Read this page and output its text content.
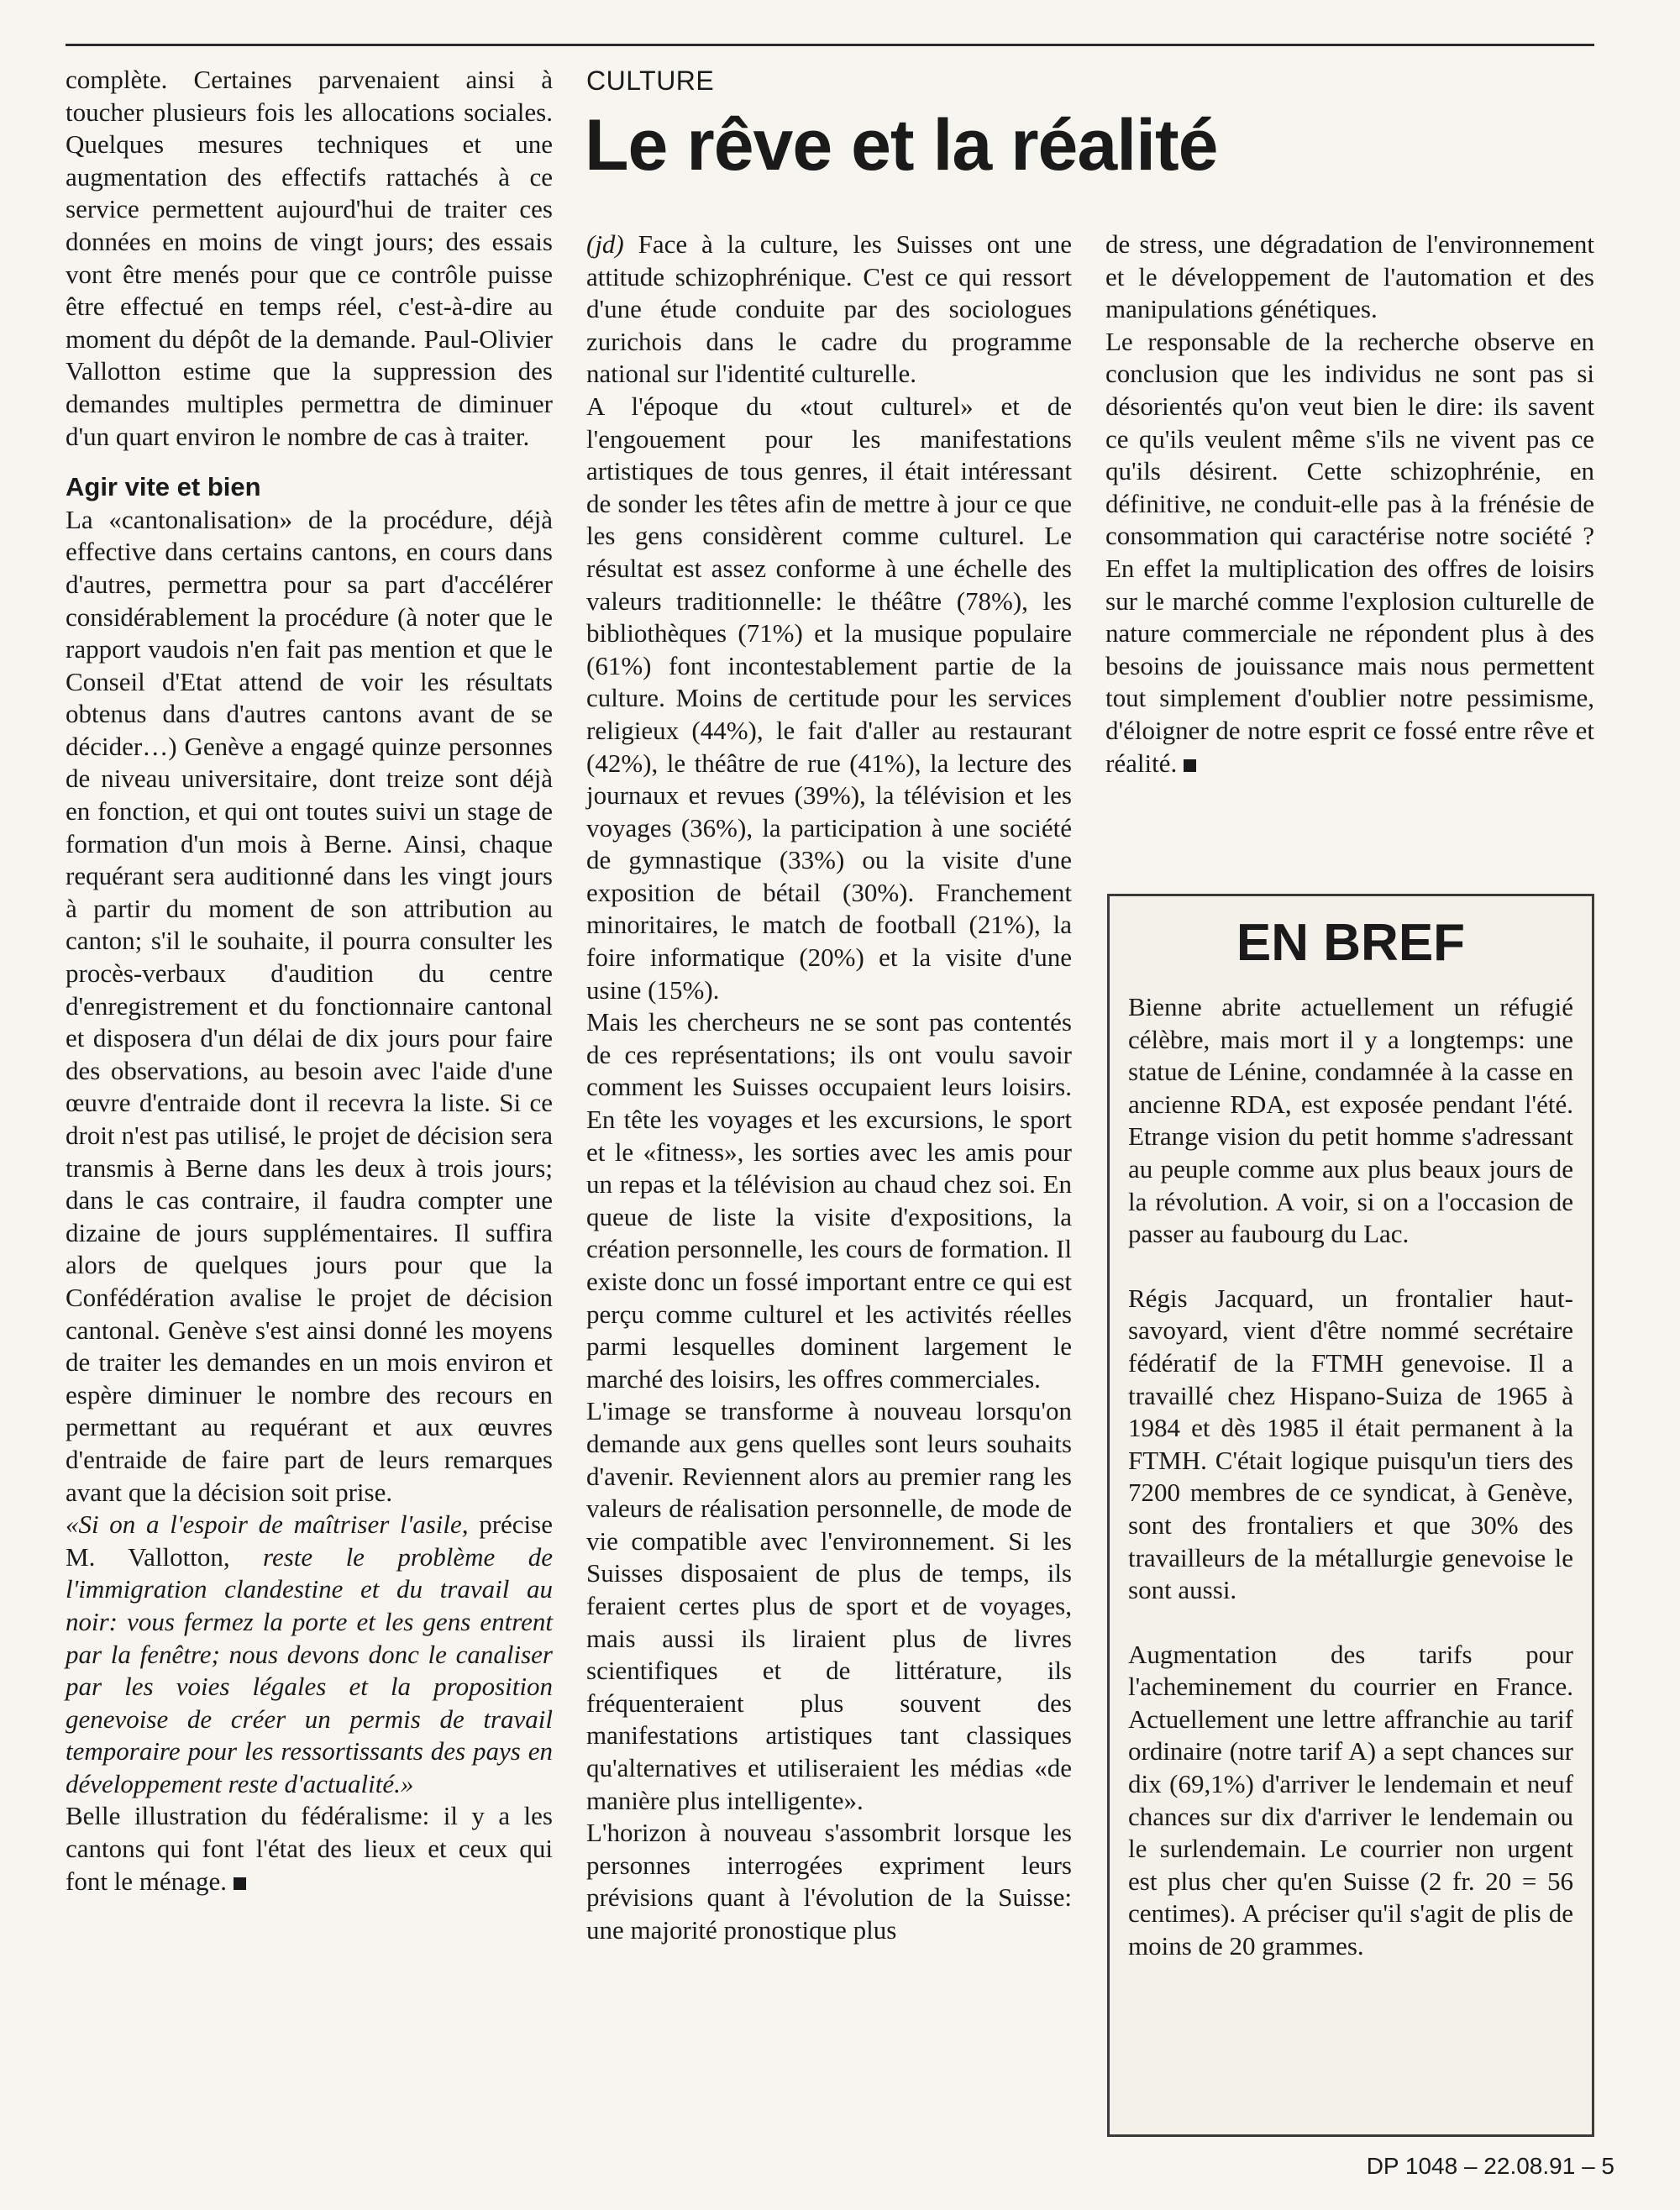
complète. Certaines parvenaient ainsi à toucher plusieurs fois les allocations sociales. Quelques mesures techniques et une augmentation des effectifs rattachés à ce service permettent aujourd'hui de traiter ces données en moins de vingt jours; des essais vont être menés pour que ce contrôle puisse être effectué en temps réel, c'est-à-dire au moment du dépôt de la demande. Paul-Olivier Vallotton estime que la suppression des demandes multiples permettra de diminuer d'un quart environ le nombre de cas à traiter.

Agir vite et bien

La «cantonalisation» de la procédure, déjà effective dans certains cantons, en cours dans d'autres, permettra pour sa part d'accélérer considérablement la procédure (à noter que le rapport vaudois n'en fait pas mention et que le Conseil d'Etat attend de voir les résultats obtenus dans d'autres cantons avant de se décider…) Genève a engagé quinze personnes de niveau universitaire, dont treize sont déjà en fonction, et qui ont toutes suivi un stage de formation d'un mois à Berne. Ainsi, chaque requérant sera auditionné dans les vingt jours à partir du moment de son attribution au canton; s'il le souhaite, il pourra consulter les procès-verbaux d'audition du centre d'enregistrement et du fonctionnaire cantonal et disposera d'un délai de dix jours pour faire des observations, au besoin avec l'aide d'une œuvre d'entraide dont il recevra la liste. Si ce droit n'est pas utilisé, le projet de décision sera transmis à Berne dans les deux à trois jours; dans le cas contraire, il faudra compter une dizaine de jours supplémentaires. Il suffira alors de quelques jours pour que la Confédération avalise le projet de décision cantonal. Genève s'est ainsi donné les moyens de traiter les demandes en un mois environ et espère diminuer le nombre des recours en permettant au requérant et aux œuvres d'entraide de faire part de leurs remarques avant que la décision soit prise.

«Si on a l'espoir de maîtriser l'asile, précise M. Vallotton, reste le problème de l'immigration clandestine et du travail au noir: vous fermez la porte et les gens entrent par la fenêtre; nous devons donc le canaliser par les voies légales et la proposition genevoise de créer un permis de travail temporaire pour les ressortissants des pays en développement reste d'actualité.»

Belle illustration du fédéralisme: il y a les cantons qui font l'état des lieux et ceux qui font le ménage.

CULTURE
Le rêve et la réalité

(jd) Face à la culture, les Suisses ont une attitude schizophrénique. C'est ce qui ressort d'une étude conduite par des sociologues zurichois dans le cadre du programme national sur l'identité culturelle.

A l'époque du «tout culturel» et de l'engouement pour les manifestations artistiques de tous genres, il était intéressant de sonder les têtes afin de mettre à jour ce que les gens considèrent comme culturel. Le résultat est assez conforme à une échelle des valeurs traditionnelle: le théâtre (78%), les bibliothèques (71%) et la musique populaire (61%) font incontestablement partie de la culture. Moins de certitude pour les services religieux (44%), le fait d'aller au restaurant (42%), le théâtre de rue (41%), la lecture des journaux et revues (39%), la télévision et les voyages (36%), la participation à une société de gymnastique (33%) ou la visite d'une exposition de bétail (30%). Franchement minoritaires, le match de football (21%), la foire informatique (20%) et la visite d'une usine (15%).

Mais les chercheurs ne se sont pas contentés de ces représentations; ils ont voulu savoir comment les Suisses occupaient leurs loisirs. En tête les voyages et les excursions, le sport et le «fitness», les sorties avec les amis pour un repas et la télévision au chaud chez soi. En queue de liste la visite d'expositions, la création personnelle, les cours de formation. Il existe donc un fossé important entre ce qui est perçu comme culturel et les activités réelles parmi lesquelles dominent largement le marché des loisirs, les offres commerciales.

L'image se transforme à nouveau lorsqu'on demande aux gens quelles sont leurs souhaits d'avenir. Reviennent alors au premier rang les valeurs de réalisation personnelle, de mode de vie compatible avec l'environnement. Si les Suisses disposaient de plus de temps, ils feraient certes plus de sport et de voyages, mais aussi ils liraient plus de livres scientifiques et de littérature, ils fréquenteraient plus souvent des manifestations artistiques tant classiques qu'alternatives et utiliseraient les médias «de manière plus intelligente».

L'horizon à nouveau s'assombrit lorsque les personnes interrogées expriment leurs prévisions quant à l'évolution de la Suisse: une majorité pronostique plus

de stress, une dégradation de l'environnement et le développement de l'automation et des manipulations génétiques.

Le responsable de la recherche observe en conclusion que les individus ne sont pas si désorientés qu'on veut bien le dire: ils savent ce qu'ils veulent même s'ils ne vivent pas ce qu'ils désirent. Cette schizophrénie, en définitive, ne conduit-elle pas à la frénésie de consommation qui caractérise notre société ? En effet la multiplication des offres de loisirs sur le marché comme l'explosion culturelle de nature commerciale ne répondent plus à des besoins de jouissance mais nous permettent tout simplement d'oublier notre pessimisme, d'éloigner de notre esprit ce fossé entre rêve et réalité.

EN BREF

Bienne abrite actuellement un réfugié célèbre, mais mort il y a longtemps: une statue de Lénine, condamnée à la casse en ancienne RDA, est exposée pendant l'été. Etrange vision du petit homme s'adressant au peuple comme aux plus beaux jours de la révolution. A voir, si on a l'occasion de passer au faubourg du Lac.

Régis Jacquard, un frontalier haut-savoyard, vient d'être nommé secrétaire fédératif de la FTMH genevoise. Il a travaillé chez Hispano-Suiza de 1965 à 1984 et dès 1985 il était permanent à la FTMH. C'était logique puisqu'un tiers des 7200 membres de ce syndicat, à Genève, sont des frontaliers et que 30% des travailleurs de la métallurgie genevoise le sont aussi.

Augmentation des tarifs pour l'acheminement du courrier en France. Actuellement une lettre affranchie au tarif ordinaire (notre tarif A) a sept chances sur dix (69,1%) d'arriver le lendemain et neuf chances sur dix d'arriver le lendemain ou le surlendemain. Le courrier non urgent est plus cher qu'en Suisse (2 fr. 20 = 56 centimes). A préciser qu'il s'agit de plis de moins de 20 grammes.

DP 1048 – 22.08.91 – 5
